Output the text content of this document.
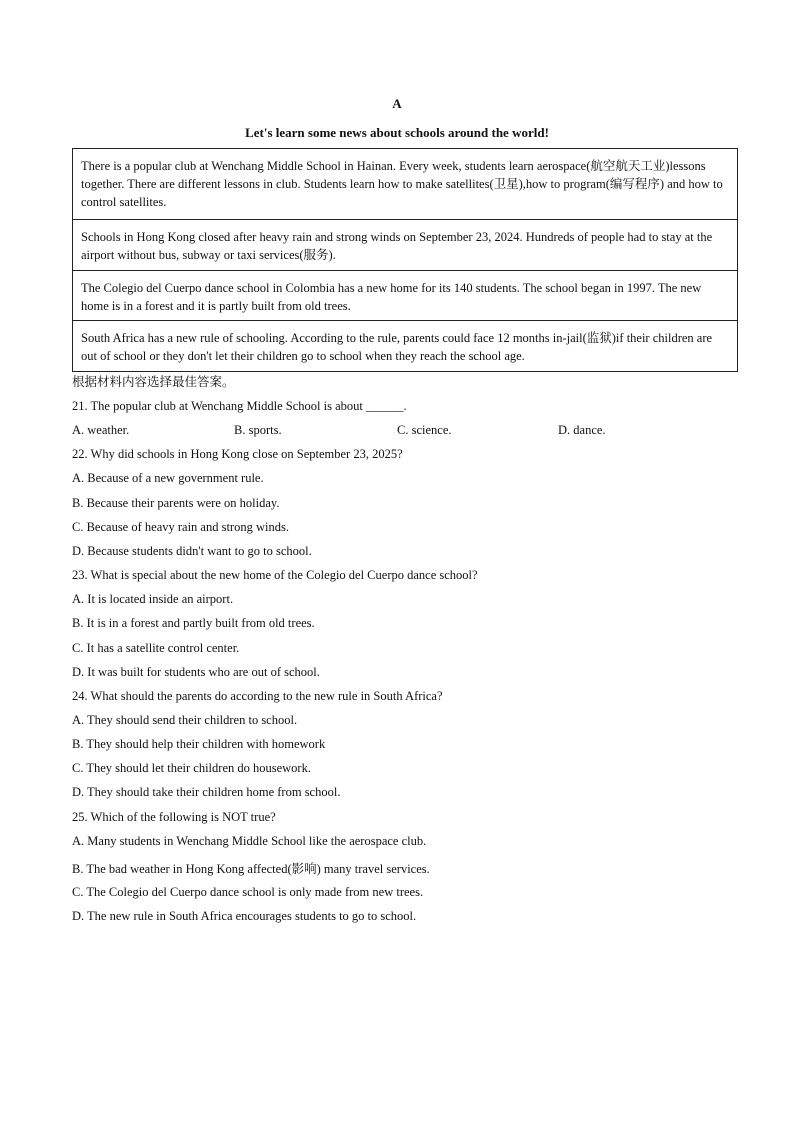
A
Let's learn some news about schools around the world!
There is a popular club at Wenchang Middle School in Hainan. Every week, students learn aerospace(航空航天工业)lessons together. There are different lessons in club. Students learn how to make satellites(卫星),how to program(编写程序) and how to control satellites.
Schools in Hong Kong closed after heavy rain and strong winds on September 23, 2024. Hundreds of people had to stay at the airport without bus, subway or taxi services(服务).
The Colegio del Cuerpo dance school in Colombia has a new home for its 140 students. The school began in 1997. The new home is in a forest and it is partly built from old trees.
South Africa has a new rule of schooling. According to the rule, parents could face 12 months in-jail(监狱)if their children are out of school or they don't let their children go to school when they reach the school age.
根据材料内容选择最佳答案。
21. The popular club at Wenchang Middle School is about ______.
A. weather.	B. sports.	C. science.	D. dance.
22. Why did schools in Hong Kong close on September 23, 2025?
A. Because of a new government rule.
B. Because their parents were on holiday.
C. Because of heavy rain and strong winds.
D. Because students didn't want to go to school.
23. What is special about the new home of the Colegio del Cuerpo dance school?
A. It is located inside an airport.
B. It is in a forest and partly built from old trees.
C. It has a satellite control center.
D. It was built for students who are out of school.
24. What should the parents do according to the new rule in South Africa?
A. They should send their children to school.
B. They should help their children with homework
C. They should let their children do housework.
D. They should take their children home from school.
25. Which of the following is NOT true?
A. Many students in Wenchang Middle School like the aerospace club.
B. The bad weather in Hong Kong affected(影响) many travel services.
C. The Colegio del Cuerpo dance school is only made from new trees.
D. The new rule in South Africa encourages students to go to school.
